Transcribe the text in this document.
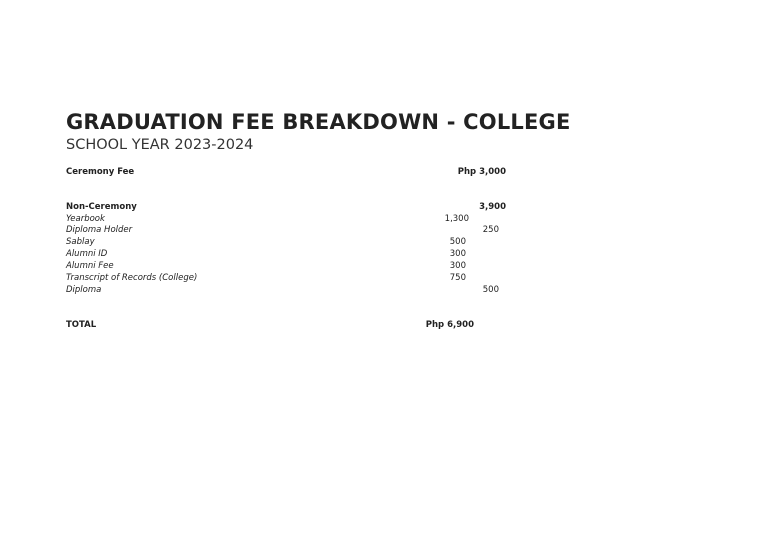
GRADUATION FEE BREAKDOWN - COLLEGE
SCHOOL YEAR 2023-2024
Ceremony Fee	Php 3,000
Non-Ceremony	3,900
Yearbook	1,300
Diploma Holder	250
Sablay	500
Alumni ID	300
Alumni Fee	300
Transcript of Records (College)	750
Diploma	500
TOTAL	Php 6,900
